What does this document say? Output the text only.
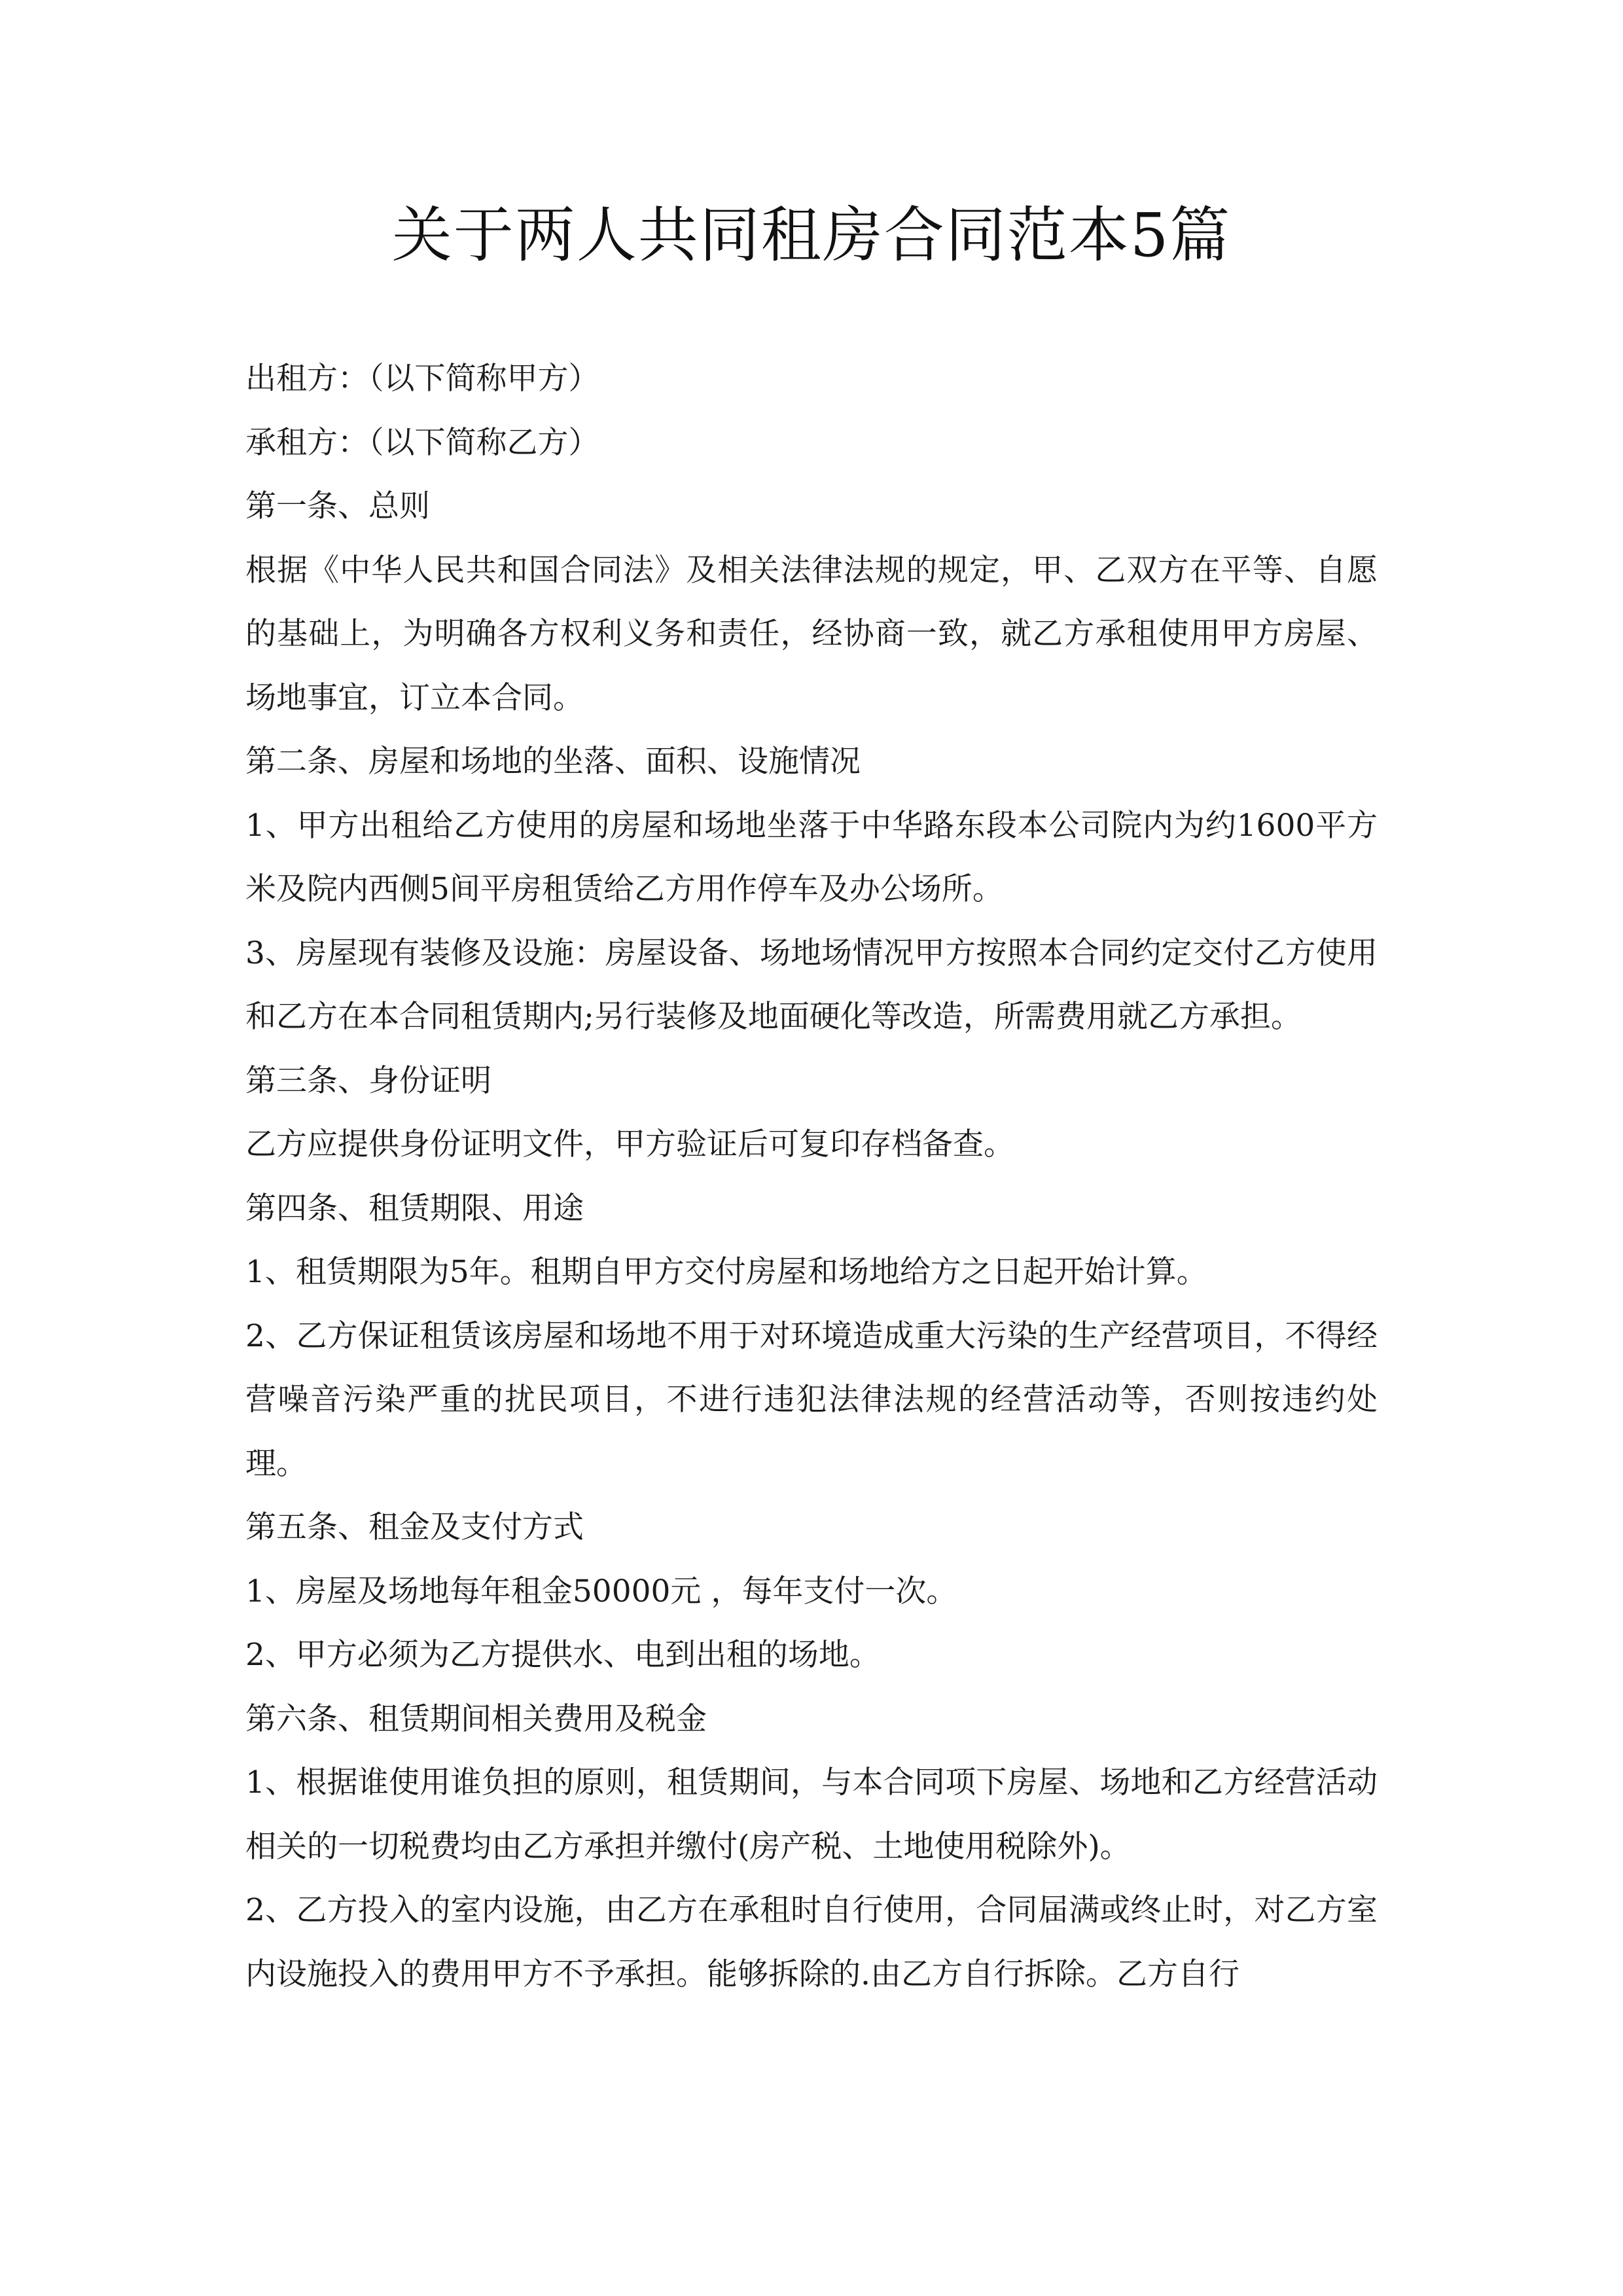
关于两人共同租房合同范本5篇

出租方：（以下简称甲方）

承租方：（以下简称乙方）

第一条、总则

根据《中华人民共和国合同法》及相关法律法规的规定，甲、乙双方在平等、自愿的基础上，为明确各方权利义务和责任，经协商一致，就乙方承租使用甲方房屋、场地事宜，订立本合同。

第二条、房屋和场地的坐落、面积、设施情况

1、甲方出租给乙方使用的房屋和场地坐落于中华路东段本公司院内为约1600平方米及院内西侧5间平房租赁给乙方用作停车及办公场所。

3、房屋现有装修及设施：房屋设备、场地场情况甲方按照本合同约定交付乙方使用和乙方在本合同租赁期内;另行装修及地面硬化等改造，所需费用就乙方承担。

第三条、身份证明

乙方应提供身份证明文件，甲方验证后可复印存档备查。

第四条、租赁期限、用途

1、租赁期限为5年。租期自甲方交付房屋和场地给方之日起开始计算。

2、乙方保证租赁该房屋和场地不用于对环境造成重大污染的生产经营项目，不得经营噪音污染严重的扰民项目，不进行违犯法律法规的经营活动等，否则按违约处理。

第五条、租金及支付方式

1、房屋及场地每年租金50000元 ，每年支付一次。

2、甲方必须为乙方提供水、电到出租的场地。

第六条、租赁期间相关费用及税金

1、根据谁使用谁负担的原则，租赁期间，与本合同项下房屋、场地和乙方经营活动相关的一切税费均由乙方承担并缴付(房产税、土地使用税除外)。

2、乙方投入的室内设施，由乙方在承租时自行使用，合同届满或终止时，对乙方室内设施投入的费用甲方不予承担。能够拆除的.由乙方自行拆除。乙方自行
